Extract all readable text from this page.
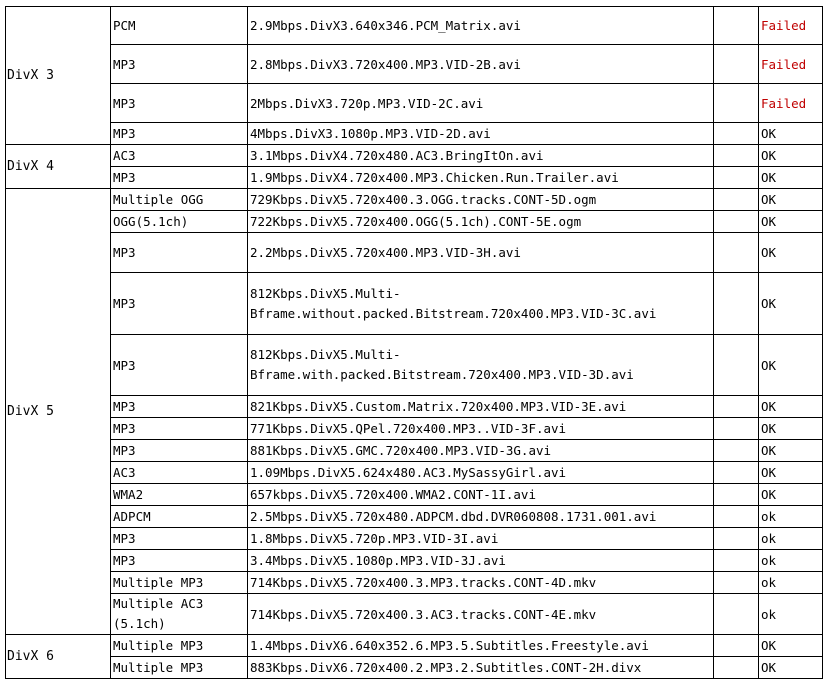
DivX 3	PCM	2.9Mbps.DivX3.640x346.PCM_Matrix.avi		Failed
	MP3	2.8Mbps.DivX3.720x400.MP3.VID-2B.avi		Failed
	MP3	2Mbps.DivX3.720p.MP3.VID-2C.avi		Failed
	MP3	4Mbps.DivX3.1080p.MP3.VID-2D.avi		OK
DivX 4	AC3	3.1Mbps.DivX4.720x480.AC3.BringItOn.avi		OK
	MP3	1.9Mbps.DivX4.720x400.MP3.Chicken.Run.Trailer.avi		OK
DivX 5	Multiple OGG	729Kbps.DivX5.720x400.3.OGG.tracks.CONT-5D.ogm		OK
	OGG(5.1ch)	722Kbps.DivX5.720x400.OGG(5.1ch).CONT-5E.ogm		OK
	MP3	2.2Mbps.DivX5.720x400.MP3.VID-3H.avi		OK
	MP3	812Kbps.DivX5.Multi-
Bframe.without.packed.Bitstream.720x400.MP3.VID-3C.avi		OK
	MP3	812Kbps.DivX5.Multi-
Bframe.with.packed.Bitstream.720x400.MP3.VID-3D.avi		OK
	MP3	821Kbps.DivX5.Custom.Matrix.720x400.MP3.VID-3E.avi		OK
	MP3	771Kbps.DivX5.QPel.720x400.MP3..VID-3F.avi		OK
	MP3	881Kbps.DivX5.GMC.720x400.MP3.VID-3G.avi		OK
	AC3	1.09Mbps.DivX5.624x480.AC3.MySassyGirl.avi		OK
	WMA2	657kbps.DivX5.720x400.WMA2.CONT-1I.avi		OK
	ADPCM	2.5Mbps.DivX5.720x480.ADPCM.dbd.DVR060808.1731.001.avi		ok
	MP3	1.8Mbps.DivX5.720p.MP3.VID-3I.avi		ok
	MP3	3.4Mbps.DivX5.1080p.MP3.VID-3J.avi		ok
	Multiple MP3	714Kbps.DivX5.720x400.3.MP3.tracks.CONT-4D.mkv		ok
	Multiple AC3
(5.1ch)	714Kbps.DivX5.720x400.3.AC3.tracks.CONT-4E.mkv		ok
DivX 6	Multiple MP3	1.4Mbps.DivX6.640x352.6.MP3.5.Subtitles.Freestyle.avi		OK
	Multiple MP3	883Kbps.DivX6.720x400.2.MP3.2.Subtitles.CONT-2H.divx		OK
